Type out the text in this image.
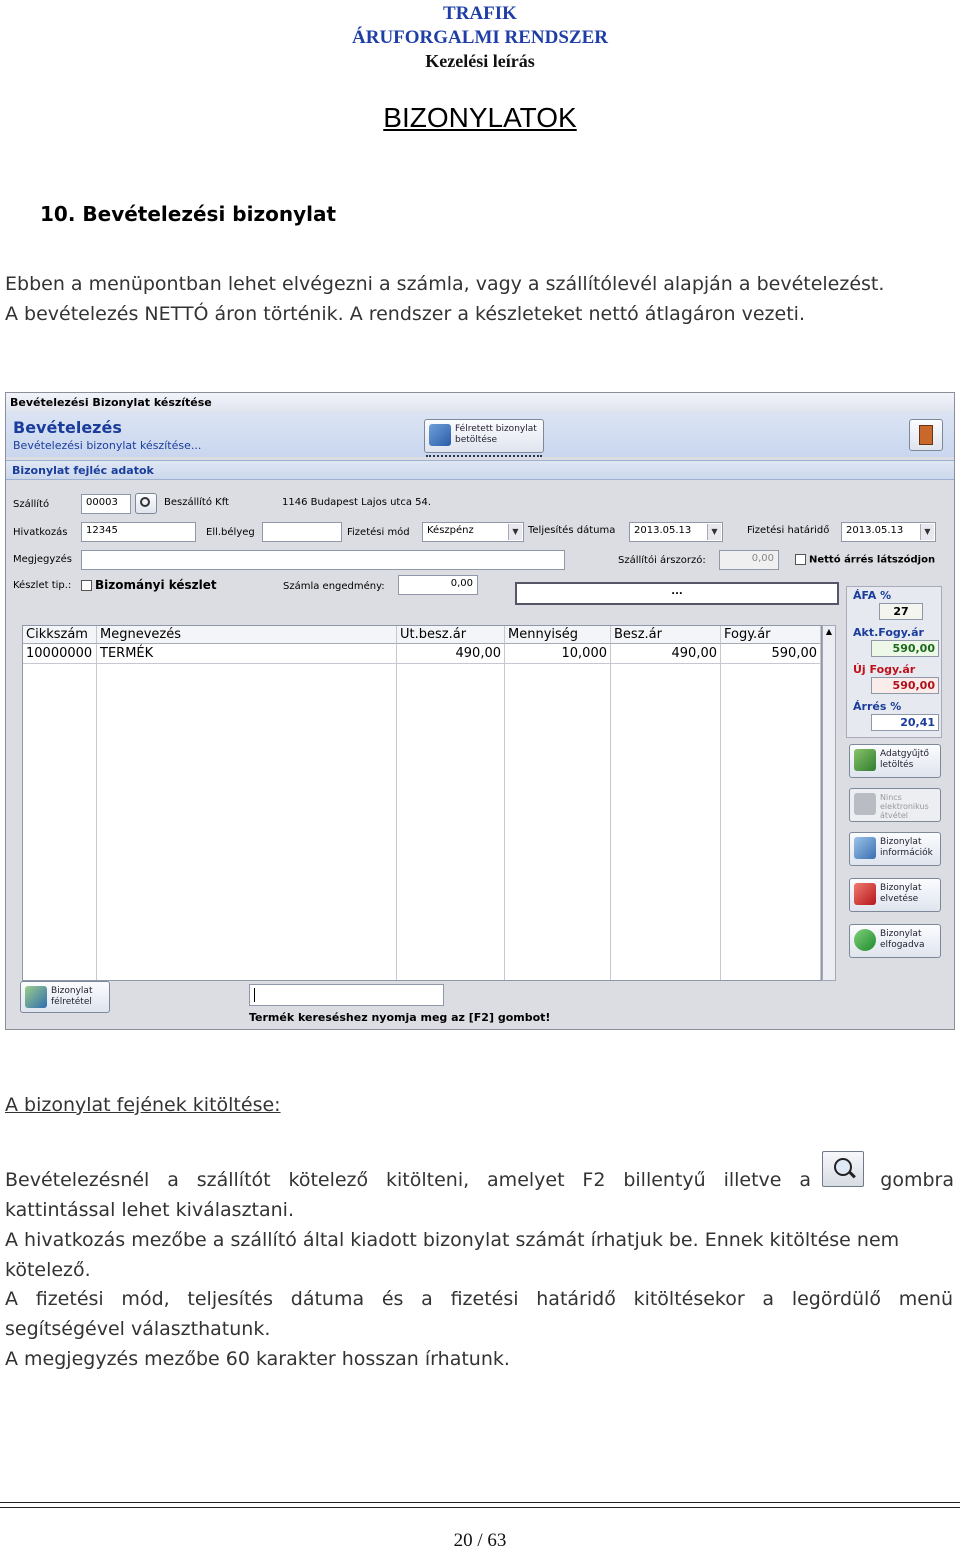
TRAFIK
ÁRUFORGALMI RENDSZER
Kezelési leírás
BIZONYLATOK
10. Bevételezési bizonylat
Ebben a menüpontban lehet elvégezni a számla, vagy a szállítólevél alapján a bevételezést.
A bevételezés NETTÓ áron történik. A rendszer a készleteket nettó átlagáron vezeti.
Bevételezési Bizonylat készítése
Bevételezés
Bevételezési bizonylat készítése...
Félretett bizonylat betöltése
Bizonylat fejléc adatok
Szállító	00003	Beszállító Kft	1146 Budapest Lajos utca 54.
Hivatkozás	12345	Ell.bélyeg	Fizetési mód	Készpénz	▼ Teljesítés dátuma	2013.05.13	▼	Fizetési határidő	2013.05.13	▼
Megjegyzés	Szállítói árszorzó:	0,00	Nettó árrés látszódjon
Készlet tip.:	Bizományi készlet	Számla engedmény:	0,00
...
Cikkszám Megnevezés	Ut.besz.ár	Mennyiség	Besz.ár	Fogy.ár
10000000 TERMÉK	490,00	10,000	490,00	590,00
▲
ÁFA %
27
Akt.Fogy.ár
590,00
Új Fogy.ár
590,00
Árrés %
20,41
Adatgyűjtő
letöltés
Nincs
elektronikus
átvétel
Bizonylat
információk
Bizonylat
elvetése
Bizonylat
elfogadva
Bizonylat
félretétel
Termék kereséshez nyomja meg az [F2] gombot!
A bizonylat fejének kitöltése:
Bevételezésnél a szállítót kötelező kitölteni, amelyet F2 billentyű illetve a	gombra
kattintással lehet kiválasztani.
A hivatkozás mezőbe a szállító által kiadott bizonylat számát írhatjuk be. Ennek kitöltése nem
kötelező.
A fizetési mód, teljesítés dátuma és a fizetési határidő kitöltésekor a legördülő menü
segítségével választhatunk.
A megjegyzés mezőbe 60 karakter hosszan írhatunk.
20 / 63
